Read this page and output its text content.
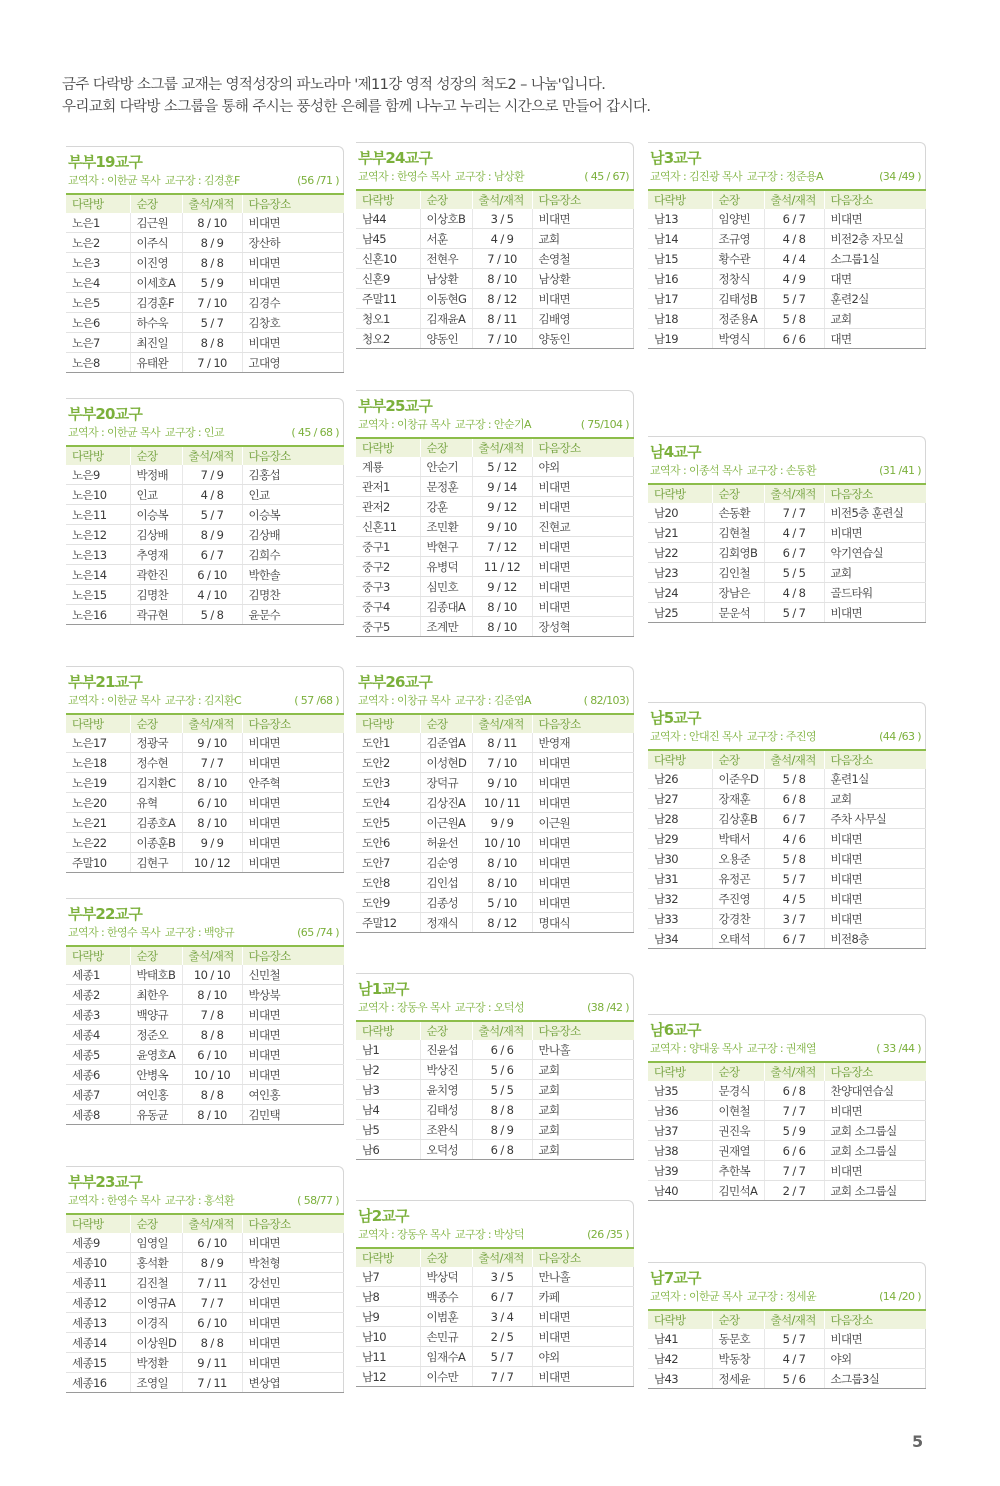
금주 다락방 소그룹 교재는 영적성장의 파노라마 '제11강 영적 성장의 척도2 – 나눔'입니다.
우리교회 다락방 소그룹을 통해 주시는 풍성한 은혜를 함께 나누고 누리는 시간으로 만들어 갑시다.
부부19교구
교역자 : 이한균 목사 교구장 : 김경훈F	(56 /71 )
다락방	순장	출석/재적	다음장소
노은1	김근원	8 / 10	비대면
노은2	이주식	8 / 9	장산하
노은3	이진영	8 / 8	비대면
노은4	이세호A	5 / 9	비대면
노은5	김경훈F	7 / 10	김경수
노은6	하수욱	5 / 7	김창호
노은7	최진일	8 / 8	비대면
노은8	유태완	7 / 10	고대영
부부20교구
교역자 : 이한균 목사 교구장 : 인교	( 45 / 68 )
다락방	순장	출석/재적	다음장소
노은9	박정배	7 / 9	김홍섭
노은10	인교	4 / 8	인교
노은11	이승복	5 / 7	이승복
노은12	김상배	8 / 9	김상배
노은13	추영재	6 / 7	김희수
노은14	곽한진	6 / 10	박한솔
노은15	김명찬	4 / 10	김명찬
노은16	곽규현	5 / 8	윤문수
부부21교구
교역자 : 이한균 목사 교구장 : 김지환C	( 57 /68 )
다락방	순장	출석/재적	다음장소
노은17	정광국	9 / 10	비대면
노은18	정수현	7 / 7	비대면
노은19	김지환C	8 / 10	안주혁
노은20	유혁	6 / 10	비대면
노은21	김종호A	8 / 10	비대면
노은22	이종훈B	9 / 9	비대면
주말10	김현구	10 / 12	비대면
부부22교구
교역자 : 한영수 목사 교구장 : 백양규	(65 /74 )
다락방	순장	출석/재적	다음장소
세종1	박태호B	10 / 10	신민철
세종2	최한우	8 / 10	박상북
세종3	백양규	7 / 8	비대면
세종4	정준오	8 / 8	비대면
세종5	윤영호A	6 / 10	비대면
세종6	안병옥	10 / 10	비대면
세종7	여인홍	8 / 8	여인홍
세종8	유동균	8 / 10	김민택
부부23교구
교역자 : 한영수 목사 교구장 : 홍석환	( 58/77 )
다락방	순장	출석/재적	다음장소
세종9	임영일	6 / 10	비대면
세종10	홍석환	8 / 9	박천형
세종11	김진철	7 / 11	강선민
세종12	이영규A	7 / 7	비대면
세종13	이경직	6 / 10	비대면
세종14	이상원D	8 / 8	비대면
세종15	박정환	9 / 11	비대면
세종16	조영일	7 / 11	변상엽
부부24교구
교역자 : 한영수 목사 교구장 : 남상환	( 45 / 67)
다락방	순장	출석/재적	다음장소
남44	이상호B	3 / 5	비대면
남45	서훈	4 / 9	교회
신혼10	전현우	7 / 10	손영철
신혼9	남상환	8 / 10	남상환
주말11	이동현G	8 / 12	비대면
청오1	김재윤A	8 / 11	김배영
청오2	양동인	7 / 10	양동인
부부25교구
교역자 : 이창규 목사 교구장 : 안순기A	( 75/104 )
다락방	순장	출석/재적	다음장소
계룡	안순기	5 / 12	야외
관저1	문정훈	9 / 14	비대면
관저2	강훈	9 / 12	비대면
신혼11	조민환	9 / 10	진현교
중구1	박현구	7 / 12	비대면
중구2	유병덕	11 / 12	비대면
중구3	심민호	9 / 12	비대면
중구4	김종대A	8 / 10	비대면
중구5	조계만	8 / 10	장성혁
부부26교구
교역자 : 이창규 목사 교구장 : 김준엽A	( 82/103)
다락방	순장	출석/재적	다음장소
도안1	김준엽A	8 / 11	반영재
도안2	이성현D	7 / 10	비대면
도안3	장덕규	9 / 10	비대면
도안4	김상진A	10 / 11	비대면
도안5	이근원A	9 / 9	이근원
도안6	허윤선	10 / 10	비대면
도안7	김순영	8 / 10	비대면
도안8	김인섭	8 / 10	비대면
도안9	김종성	5 / 10	비대면
주말12	정재식	8 / 12	명대식
남1교구
교역자 : 장동우 목사 교구장 : 오덕성	(38 /42 )
다락방	순장	출석/재적	다음장소
남1	진윤섭	6 / 6	만나홀
남2	박상진	5 / 6	교회
남3	윤치영	5 / 5	교회
남4	김태성	8 / 8	교회
남5	조완식	8 / 9	교회
남6	오덕성	6 / 8	교회
남2교구
교역자 : 장동우 목사 교구장 : 박상덕	(26 /35 )
다락방	순장	출석/재적	다음장소
남7	박상덕	3 / 5	만나홀
남8	백종수	6 / 7	카페
남9	이범훈	3 / 4	비대면
남10	손민규	2 / 5	비대면
남11	임재수A	5 / 7	야외
남12	이수만	7 / 7	비대면
남3교구
교역자 : 김진광 목사 교구장 : 정준용A	(34 /49 )
다락방	순장	출석/재적	다음장소
남13	임양빈	6 / 7	비대면
남14	조규영	4 / 8	비전2층 자모실
남15	황수관	4 / 4	소그룹1실
남16	정창식	4 / 9	대면
남17	김태성B	5 / 7	훈련2실
남18	정준용A	5 / 8	교회
남19	박영식	6 / 6	대면
남4교구
교역자 : 이종석 목사 교구장 : 손동환	(31 /41 )
다락방	순장	출석/재적	다음장소
남20	손동환	7 / 7	비전5층 훈련실
남21	김현철	4 / 7	비대면
남22	김회영B	6 / 7	악기연습실
남23	김인철	5 / 5	교회
남24	장남은	4 / 8	골드타워
남25	문운석	5 / 7	비대면
남5교구
교역자 : 안대진 목사 교구장 : 주진영	(44 /63 )
다락방	순장	출석/재적	다음장소
남26	이준우D	5 / 8	훈련1실
남27	장재훈	6 / 8	교회
남28	김상훈B	6 / 7	주차 사무실
남29	박태서	4 / 6	비대면
남30	오용준	5 / 8	비대면
남31	유정곤	5 / 7	비대면
남32	주진영	4 / 5	비대면
남33	강경찬	3 / 7	비대면
남34	오태석	6 / 7	비전8층
남6교구
교역자 : 양대웅 목사 교구장 : 권재열	( 33 /44 )
다락방	순장	출석/재적	다음장소
남35	문경식	6 / 8	찬양대연습실
남36	이현철	7 / 7	비대면
남37	권진욱	5 / 9	교회 소그룹실
남38	권재열	6 / 6	교회 소그룹실
남39	추한복	7 / 7	비대면
남40	김민석A	2 / 7	교회 소그룹실
남7교구
교역자 : 이한균 목사 교구장 : 정세윤	(14 /20 )
다락방	순장	출석/재적	다음장소
남41	동문호	5 / 7	비대면
남42	박동창	4 / 7	야외
남43	정세윤	5 / 6	소그룹3실
5
